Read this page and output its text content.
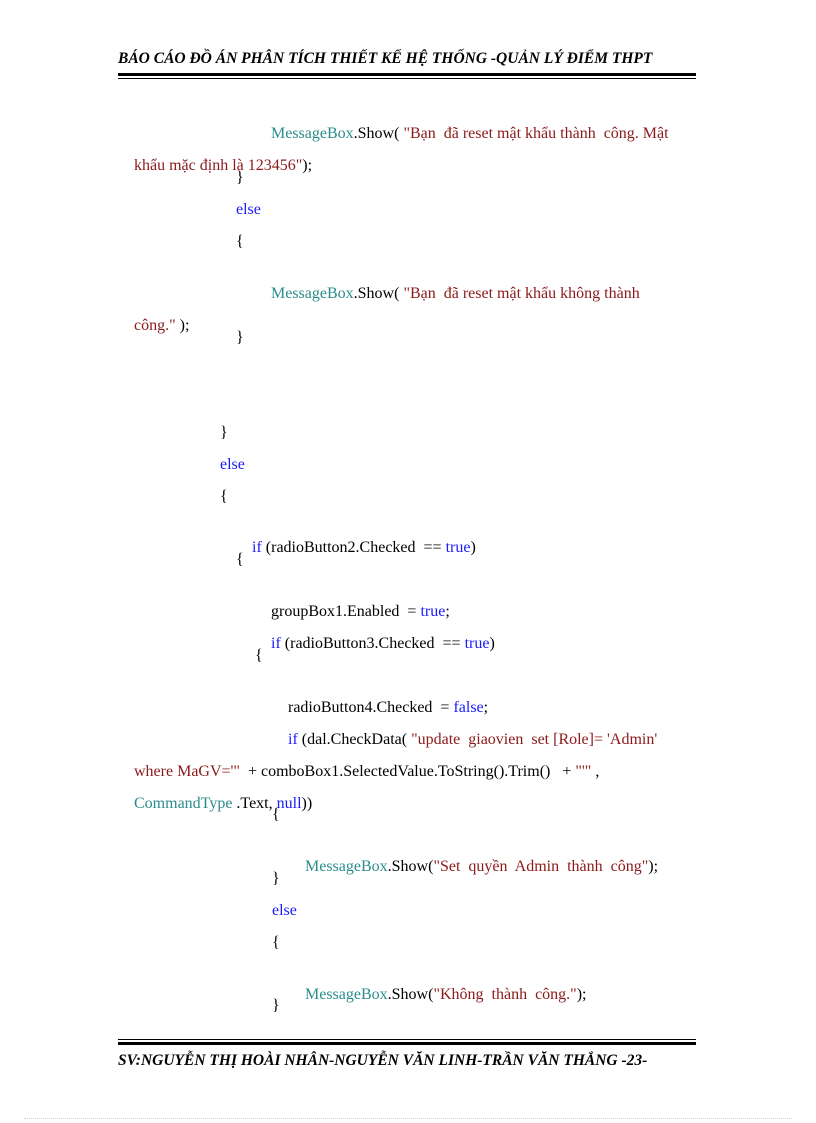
BÁO CÁO ĐỒ ÁN PHÂN TÍCH THIẾT KẾ HỆ THỐNG -QUẢN LÝ ĐIỂM THPT

MessageBox.Show( "Bạn  đã reset mật khẩu thành  công. Mật

khẩu mặc định là 123456");

}
else
{

MessageBox.Show( "Bạn  đã reset mật khẩu không thành

công." );

}
}
else
{

if (radioButton2.Checked  == true)

{

groupBox1.Enabled  = true;

if (radioButton3.Checked  == true)

{

radioButton4.Checked  = false;

if (dal.CheckData( "update  giaovien  set [Role]= 'Admin'

where MaGV='"  + comboBox1.SelectedValue.ToString().Trim()   + "'" ,

CommandType .Text, null))

{

MessageBox.Show("Set  quyền  Admin  thành  công");

}
else
{

MessageBox.Show("Không  thành  công.");

}
SV:NGUYỄN THỊ HOÀI NHÂN-NGUYỄN VĂN LINH-TRẦN VĂN THẮNG -23-
